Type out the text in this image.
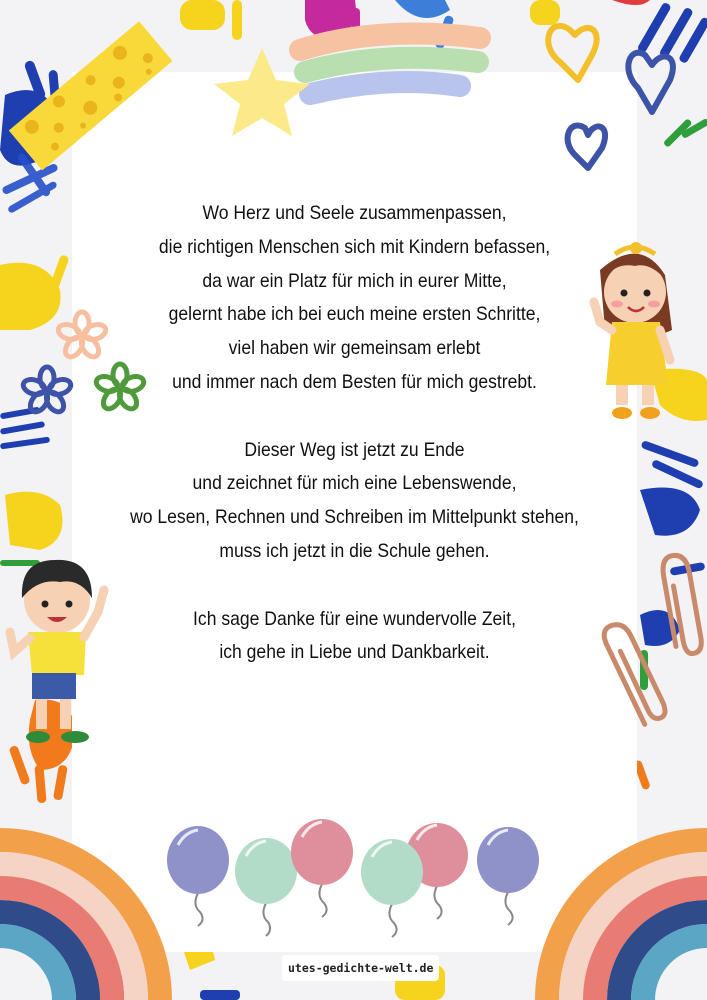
Wo Herz und Seele zusammenpassen,

die richtigen Menschen sich mit Kindern befassen,

da war ein Platz für mich in eurer Mitte,

gelernt habe ich bei euch meine ersten Schritte,

viel haben wir gemeinsam erlebt

und immer nach dem Besten für mich gestrebt.

Dieser Weg ist jetzt zu Ende

und zeichnet für mich eine Lebenswende,

wo Lesen, Rechnen und Schreiben im Mittelpunkt stehen,

muss ich jetzt in die Schule gehen.

Ich sage Danke für eine wundervolle Zeit,

ich gehe in Liebe und Dankbarkeit.

utes-gedichte-welt.de
